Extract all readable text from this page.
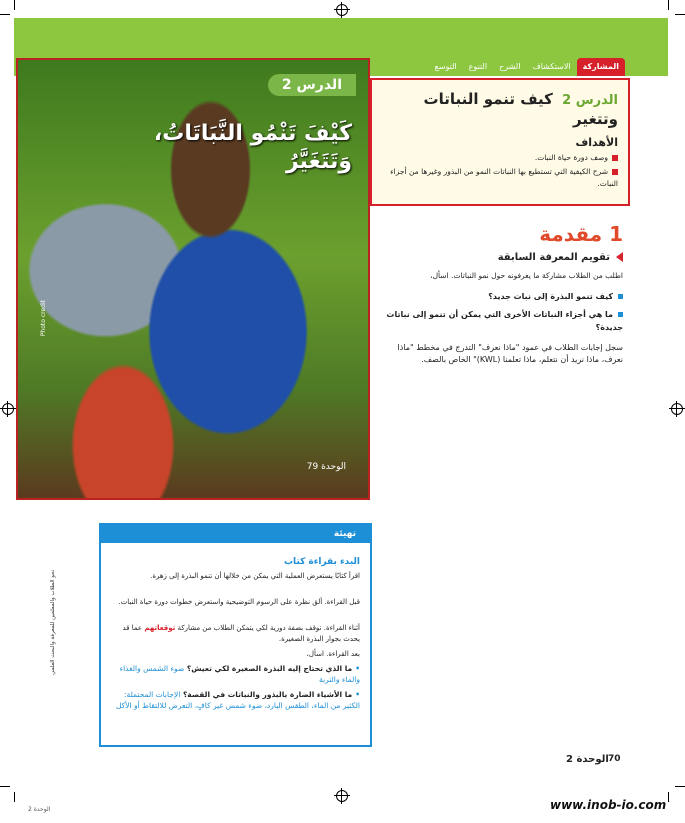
الدرس 2
كَيْفَ تَنْمُو النَّبَاتَاتُ، وَتَتَغَيَّرُ
Photo credit
79 الوحدة
المشاركة
الاستكشاف
الشرح
التنوع
التوسع
الدرس 2 كيف تنمو النباتات وتتغير
الأهداف
وصف دورة حياة النبات.
شرح الكيفية التي تستطيع بها النباتات النمو من البذور وغيرها من أجزاء النبات.
1 مقدمة
تقويم المعرفة السابقة
اطلب من الطلاب مشاركة ما يعرفونه حول نمو النباتات. اسأل،
كيف تنمو البذرة إلى نبات جديد؟
ما هي أجزاء النباتات الأخرى التي يمكن أن تنمو إلى نباتات جديدة؟
سجل إجابات الطلاب في عمود "ماذا نعرف" التدرج في مخطط "ماذا نعرف، ماذا نريد أن نتعلم، ماذا تعلمنا (KWL)" الخاص بالصف.
تهيئة
البدء بقراءة كتاب
اقرأ كتابًا يستعرض العملية التي يمكن من خلالها أن تنمو البذرة إلى زهرة.
قبل القراءة. ألق نظرة على الرسوم التوضيحية واستعرض خطوات دورة حياة النبات.
أثناء القراءة. توقف بصفة دورية لكي يتمكن الطلاب من مشاركة توقعاتهم عما قد يحدث بجوار البذرة الصغيرة.
بعد القراءة. اسأل،
•ما الذي تحتاج إليه البذرة الصغيرة لكي تعيش؟ ضوء الشمس والغذاء والماء والتربة
•ما الأشياء الضارة بالبذور والنباتات في القصة؟ الإجابات المحتملة: الكثير من الماء، الطقس البارد، ضوء شمس غير كافٍ، التعرض للالتقاط أو الأكل
نحو الطلاب والمعلمين للمعرفة والبحث العلمي
الوحدة 2 70
2 الوحدة	www.inob-io.com
